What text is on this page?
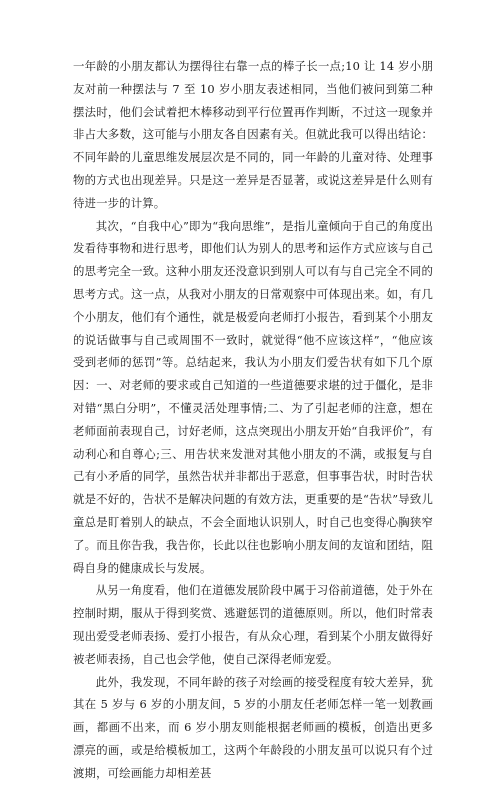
一年龄的小朋友都认为摆得往右靠一点的棒子长一点;10 让 14 岁小朋友对前一种摆法与 7 至 10 岁小朋友表述相同，当他们被问到第二种摆法时，他们会试着把木棒移动到平行位置再作判断，不过这一现象并非占大多数，这可能与小朋友各自因素有关。但就此我可以得出结论：不同年龄的儿童思维发展层次是不同的，同一年龄的儿童对待、处理事物的方式也出现差异。只是这一差异是否显著，或说这差异是什么则有待进一步的计算。

其次，“自我中心”即为“我向思维”，是指儿童倾向于自己的角度出发看待事物和进行思考，即他们认为别人的思考和运作方式应该与自己的思考完全一致。这种小朋友还没意识到别人可以有与自己完全不同的思考方式。这一点，从我对小朋友的日常观察中可体现出来。如，有几个小朋友，他们有个通性，就是极爱向老师打小报告，看到某个小朋友的说话做事与自己或周围不一致时，就觉得“他不应该这样”，“他应该受到老师的惩罚”等。总结起来，我认为小朋友们爱告状有如下几个原因：一、对老师的要求或自己知道的一些道德要求堪的过于僵化，是非对错“黑白分明”，不懂灵活处理事情;二、为了引起老师的注意，想在老师面前表现自己，讨好老师，这点突现出小朋友开始“自我评价”，有动利心和自尊心;三、用告状来发泄对其他小朋友的不满，或报复与自己有小矛盾的同学，虽然告状并非都出于恶意，但事事告状，时时告状就是不好的，告状不是解决问题的有效方法，更重要的是“告状”导致儿童总是盯着别人的缺点，不会全面地认识别人，时自己也变得心胸狭窄了。而且你告我，我告你，长此以往也影响小朋友间的友谊和团结，阻碍自身的健康成长与发展。

从另一角度看，他们在道德发展阶段中属于习俗前道德，处于外在控制时期，服从于得到奖赏、逃避惩罚的道德原则。所以，他们时常表现出爱受老师表扬、爱打小报告，有从众心理，看到某个小朋友做得好被老师表扬，自己也会学他，使自己深得老师宠爱。

此外，我发现，不同年龄的孩子对绘画的接受程度有较大差异，犹其在 5 岁与 6 岁的小朋友间，5 岁的小朋友任老师怎样一笔一划教画画，都画不出来，而 6 岁小朋友则能根据老师画的模板，创造出更多漂亮的画，或是给模板加工，这两个年龄段的小朋友虽可以说只有个过渡期，可绘画能力却相差甚
